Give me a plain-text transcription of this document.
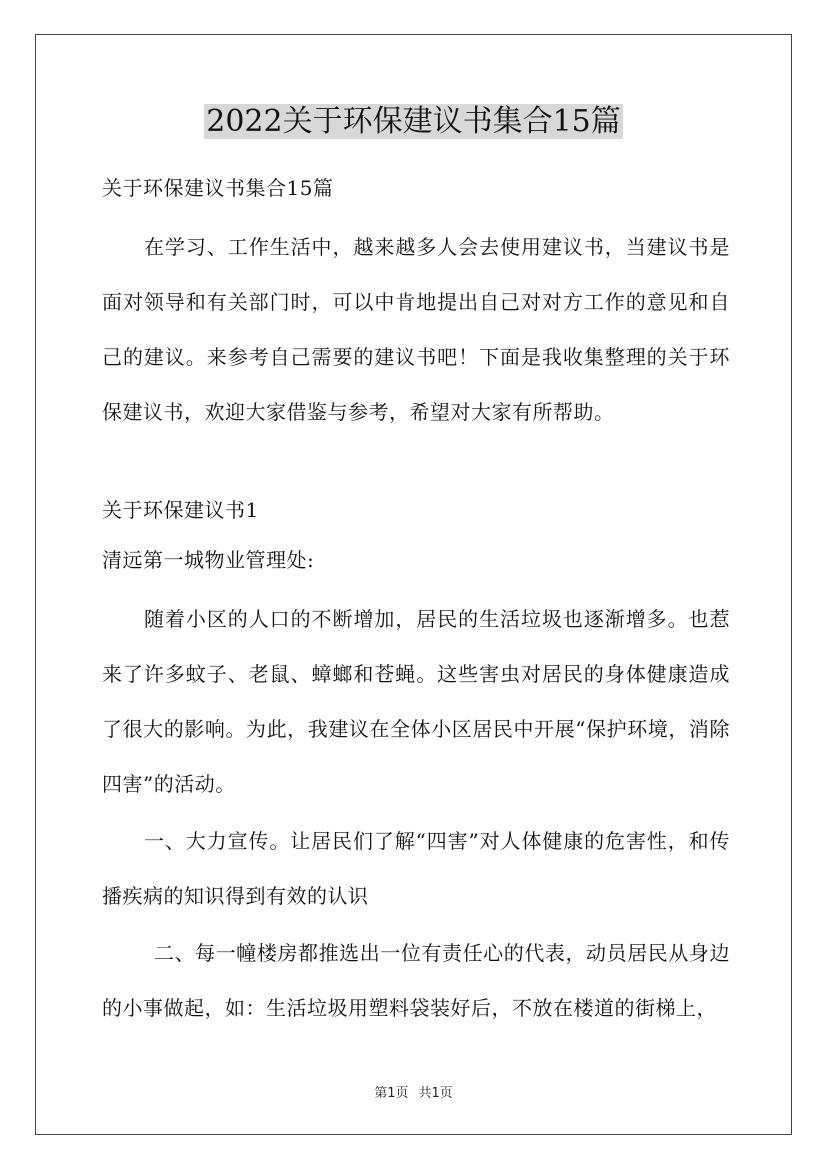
2022关于环保建议书集合15篇

关于环保建议书集合15篇

在学习、工作生活中，越来越多人会去使用建议书，当建议书是面对领导和有关部门时，可以中肯地提出自己对对方工作的意见和自己的建议。来参考自己需要的建议书吧！下面是我收集整理的关于环保建议书，欢迎大家借鉴与参考，希望对大家有所帮助。

关于环保建议书1

清远第一城物业管理处:

随着小区的人口的不断增加，居民的生活垃圾也逐渐增多。也惹来了许多蚊子、老鼠、蟑螂和苍蝇。这些害虫对居民的身体健康造成了很大的影响。为此，我建议在全体小区居民中开展“保护环境，消除四害”的活动。

一、大力宣传。让居民们了解“四害”对人体健康的危害性，和传播疾病的知识得到有效的认识

二、每一幢楼房都推选出一位有责任心的代表，动员居民从身边的小事做起，如：生活垃圾用塑料袋装好后，不放在楼道的街梯上，

第1页 共1页
